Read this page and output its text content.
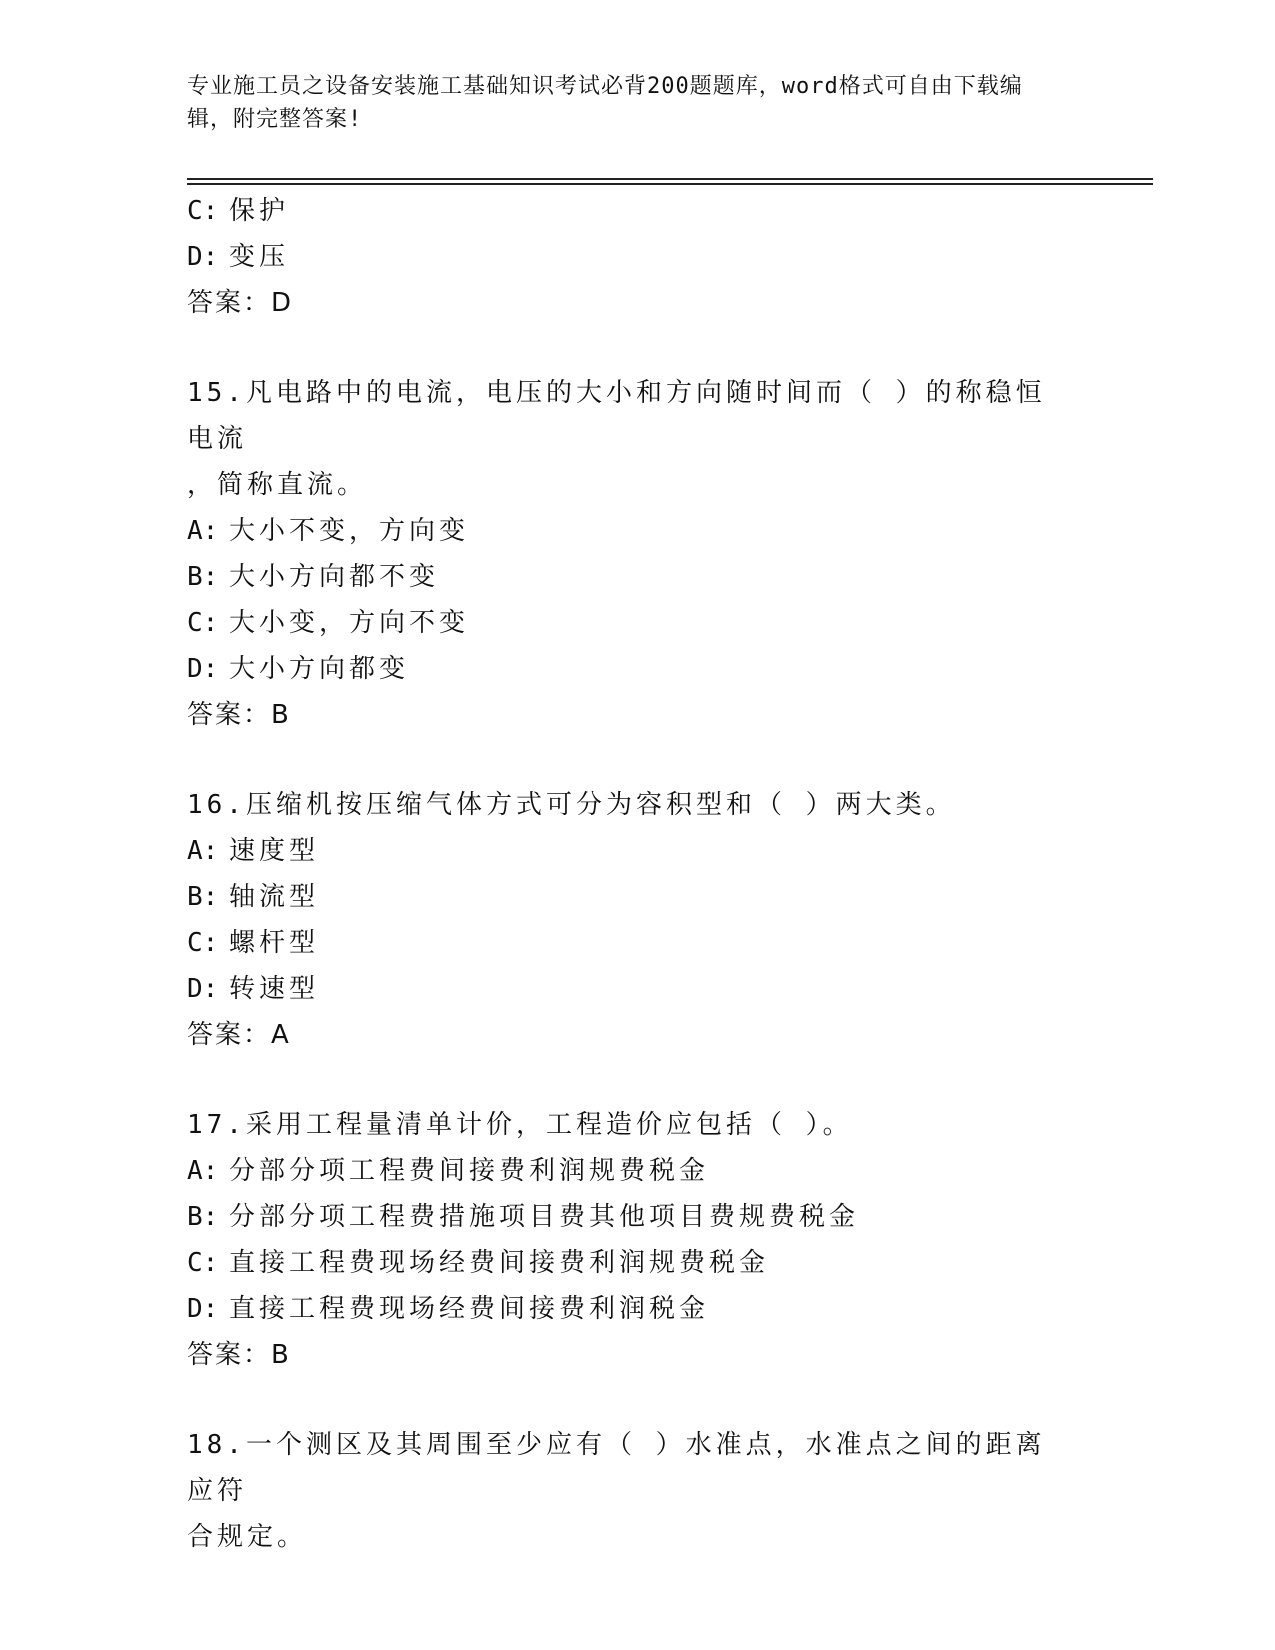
专业施工员之设备安装施工基础知识考试必背200题题库，word格式可自由下载编辑，附完整答案!
C: 保护
D: 变压
答案：D
15.凡电路中的电流，电压的大小和方向随时间而（ ）的称稳恒电流
，简称直流。
A: 大小不变，方向变
B: 大小方向都不变
C: 大小变，方向不变
D: 大小方向都变
答案：B
16.压缩机按压缩气体方式可分为容积型和（ ）两大类。
A: 速度型
B: 轴流型
C: 螺杆型
D: 转速型
答案：A
17.采用工程量清单计价，工程造价应包括（ ）。
A: 分部分项工程费间接费利润规费税金
B: 分部分项工程费措施项目费其他项目费规费税金
C: 直接工程费现场经费间接费利润规费税金
D: 直接工程费现场经费间接费利润税金
答案：B
18.一个测区及其周围至少应有（ ）水准点，水准点之间的距离应符
合规定。
